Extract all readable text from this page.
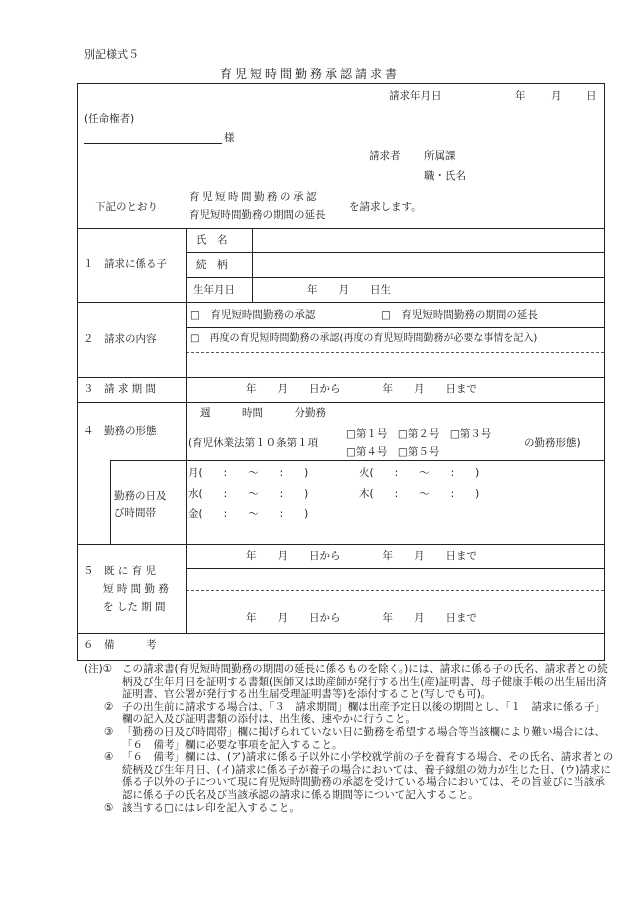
別記様式５
育児短時間勤務承認請求書
請求年月日	年 月 日
(任命権者)
様
請求者 所属課
職・氏名
下記のとおり
育児短時間勤務の承認
育児短時間勤務の期間の延長
を請求します。
１　請求に係る子
氏　名
続　柄
生年月日	年　　月　　日生
２　請求の内容
□　育児短時間勤務の承認	□　育児短時間勤務の期間の延長
□　再度の育児短時間勤務の承認(再度の育児短時間勤務が必要な事情を記入)
３　請 求 期 間	年　　月　　日から　　　　年　　月　　日まで
４　勤務の形態
週　　　時間　　　分勤務
(育児休業法第１０条第１項
□第１号　□第２号　□第３号
□第４号　□第５号
の勤務形態)
勤務の日及
び時間帯
月(　　:　　～　　:　　)	火(　　:　　～　　:　　)
水(　　:　　～　　:　　)	木(　　:　　～　　:　　)
金(　　:　　～　　:　　)
５　既 に 育 児
短 時 間 勤 務
を した 期 間
年　　月　　日から　　　　年　　月　　日まで
年　　月　　日から　　　　年　　月　　日まで
６　備　　　考
(注)① この請求書(育児短時間勤務の期間の延長に係るものを除く。)には、請求に係る子の氏名、請求者との続柄及び生年月日を証明する書類(医師又は助産師が発行する出生(産)証明書、母子健康手帳の出生届出済証明書、官公署が発行する出生届受理証明書等)を添付すること(写しでも可)。
② 子の出生前に請求する場合は、「３　請求期間」欄は出産予定日以後の期間とし、「１　請求に係る子」欄の記入及び証明書類の添付は、出生後、速やかに行うこと。
③ 「勤務の日及び時間帯」欄に掲げられていない日に勤務を希望する場合等当該欄により難い場合には、「６　備考」欄に必要な事項を記入すること。
④ 「６　備考」欄には、(ア)請求に係る子以外に小学校就学前の子を養育する場合、その氏名、請求者との続柄及び生年月日、(イ)請求に係る子が養子の場合においては、養子縁組の効力が生じた日、(ウ)請求に係る子以外の子について現に育児短時間勤務の承認を受けている場合においては、その旨並びに当該承認に係る子の氏名及び当該承認の請求に係る期間等について記入すること。
⑤ 該当する□にはレ印を記入すること。
